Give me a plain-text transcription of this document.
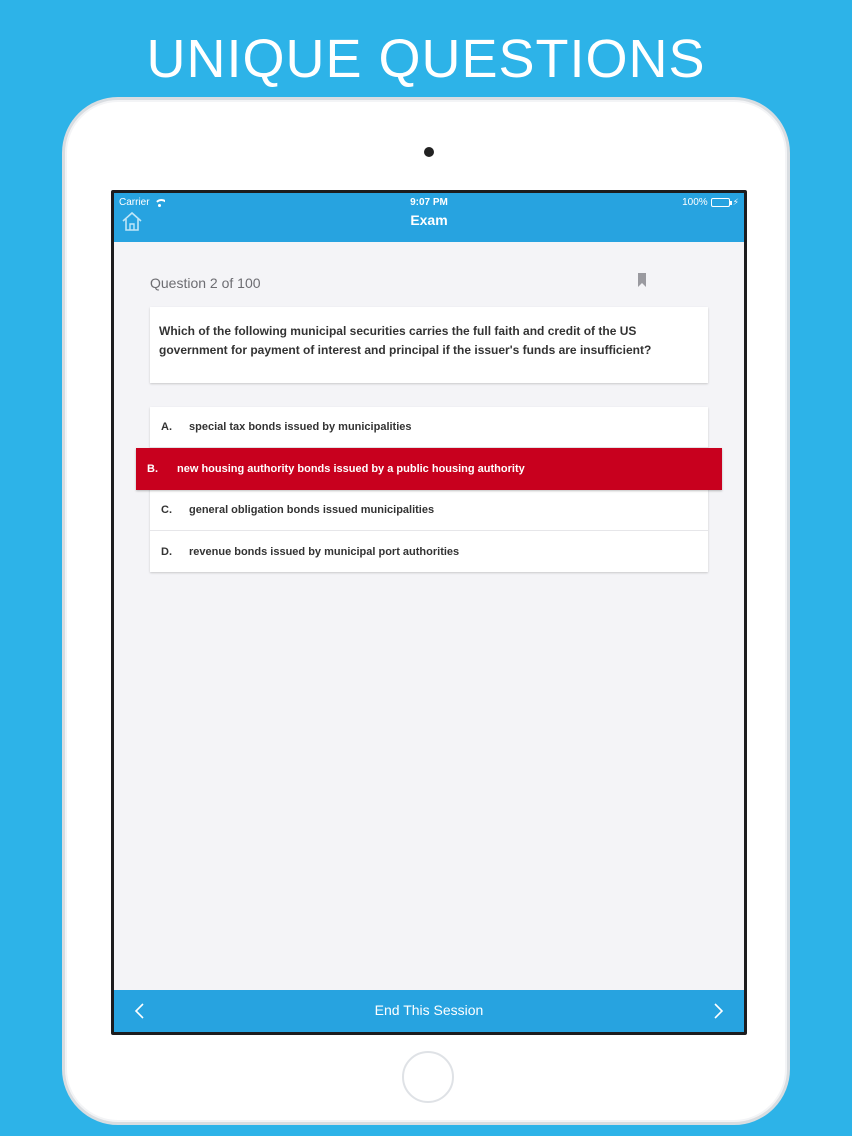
UNIQUE QUESTIONS
Carrier	9:07 PM	100%	⚡
Exam
Question 2 of 100
Which of the following municipal securities carries the full faith and credit of the US government for payment of interest and principal if the issuer's funds are insufficient?
A.	special tax bonds issued by municipalities
B.	new housing authority bonds issued by a public housing authority
C.	general obligation bonds issued municipalities
D.	revenue bonds issued by municipal port authorities
End This Session
